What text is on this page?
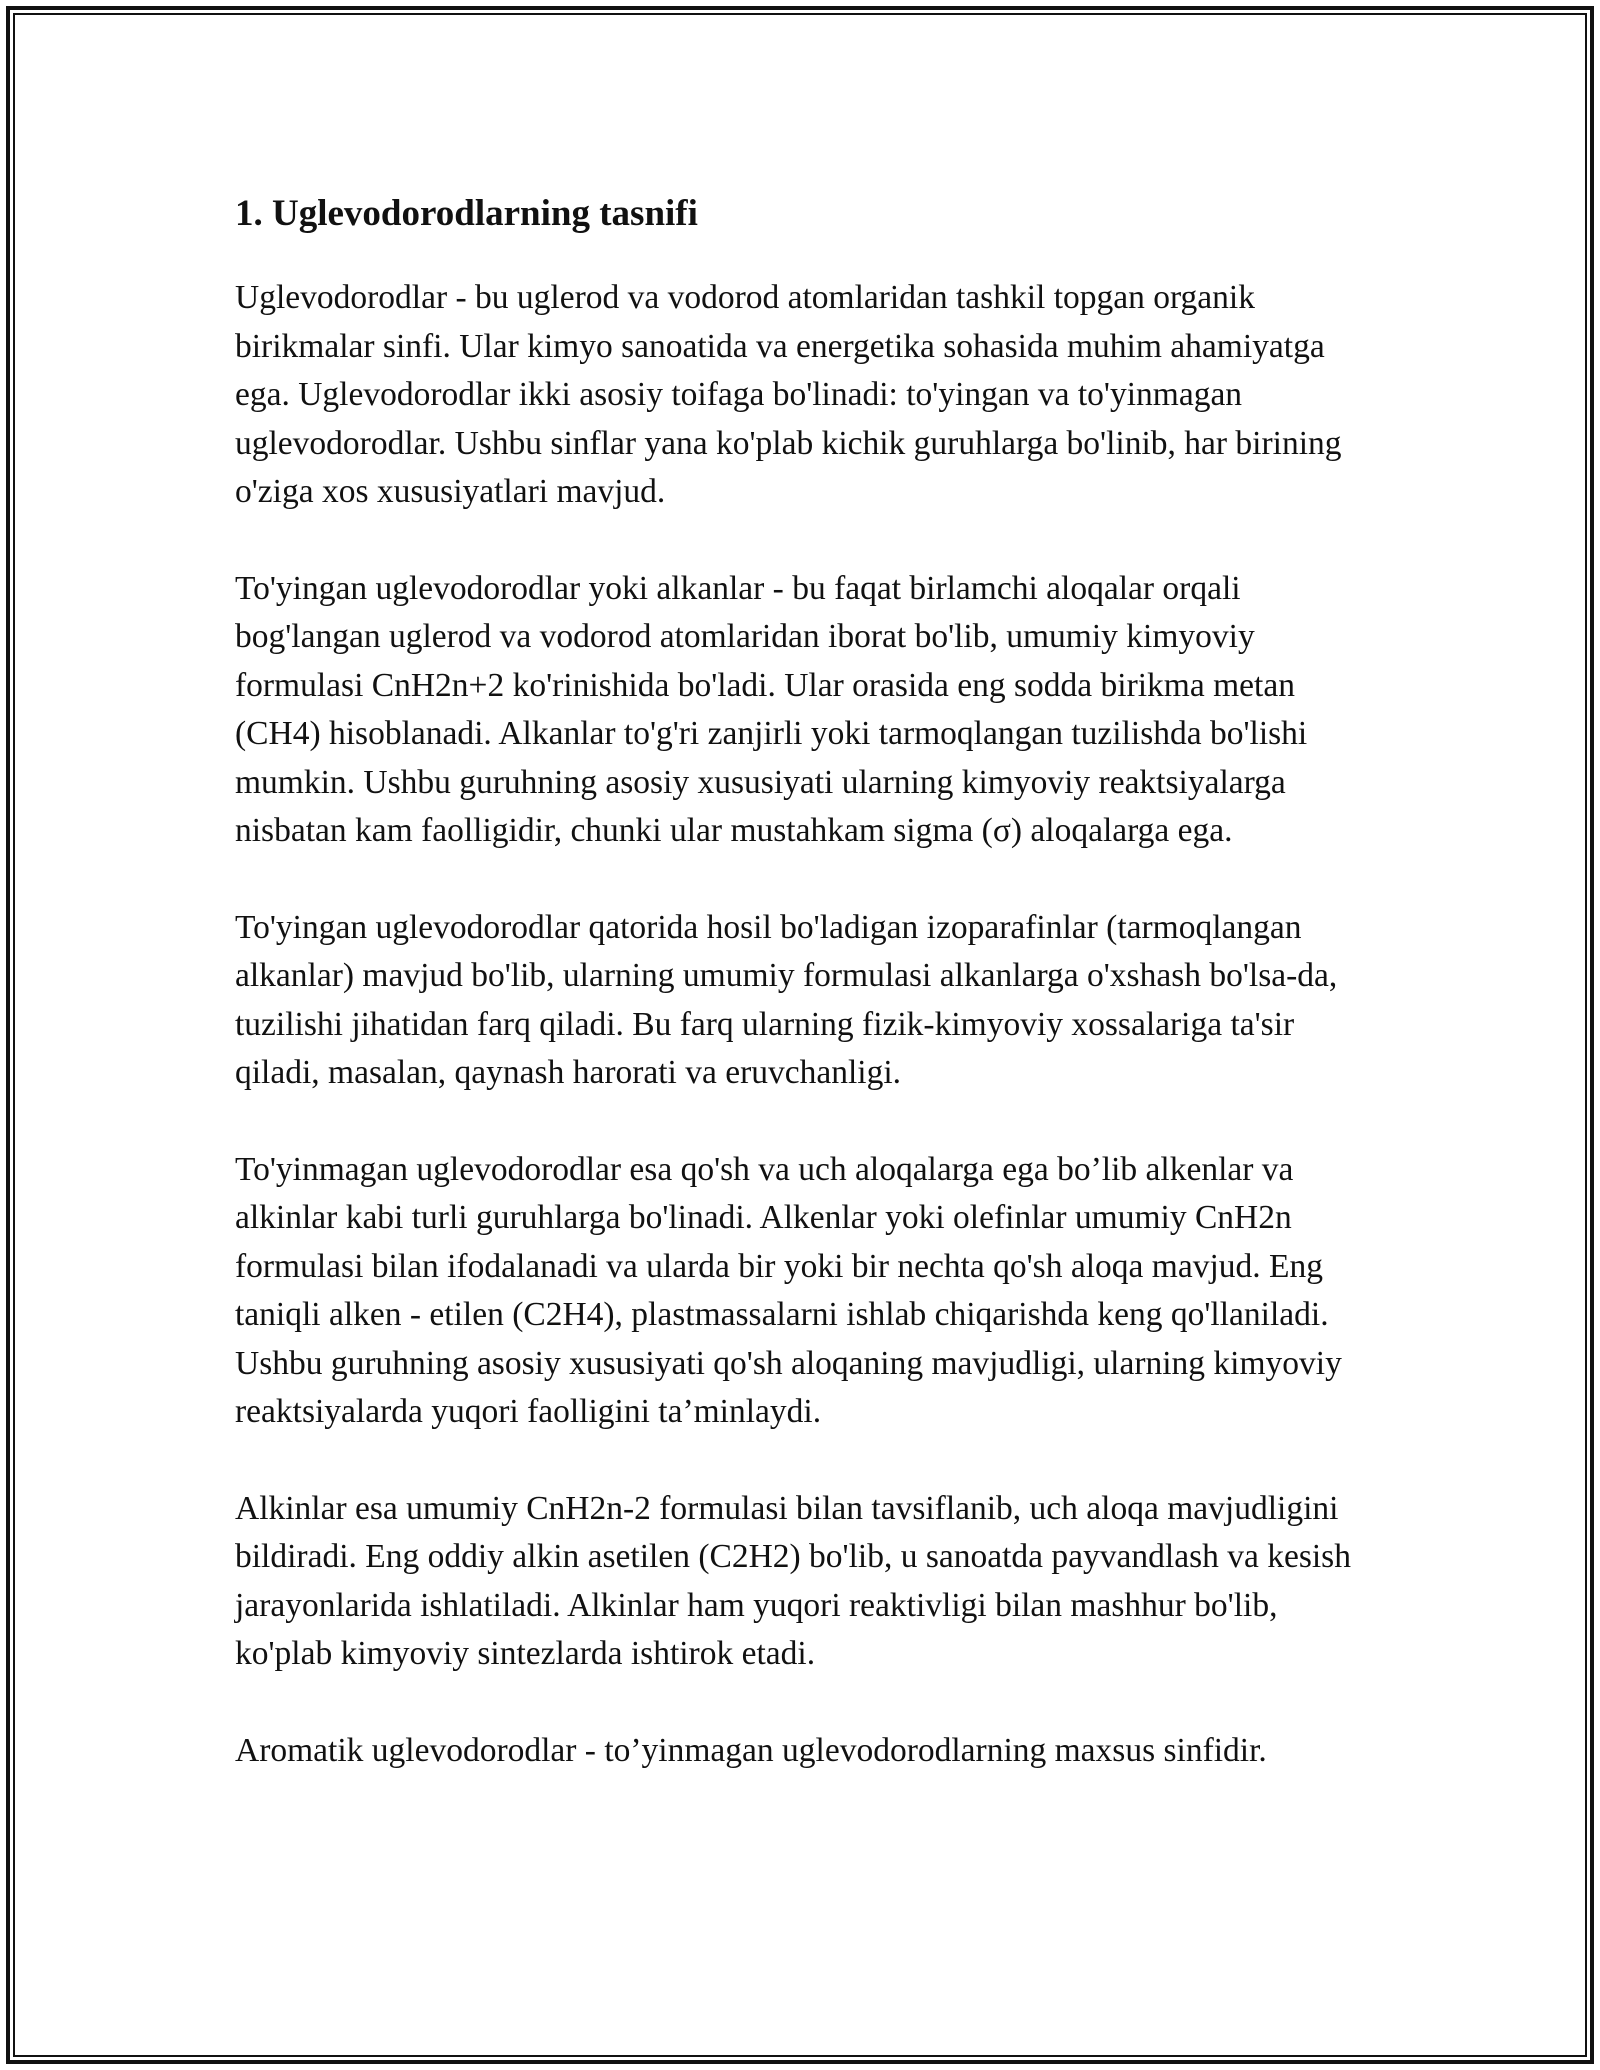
1. Uglevodorodlarning tasnifi

Uglevodorodlar - bu uglerod va vodorod atomlaridan tashkil topgan organik birikmalar sinfi. Ular kimyo sanoatida va energetika sohasida muhim ahamiyatga ega. Uglevodorodlar ikki asosiy toifaga bo'linadi: to'yingan va to'yinmagan uglevodorodlar. Ushbu sinflar yana ko'plab kichik guruhlarga bo'linib, har birining o'ziga xos xususiyatlari mavjud.

To'yingan uglevodorodlar yoki alkanlar - bu faqat birlamchi aloqalar orqali bog'langan uglerod va vodorod atomlaridan iborat bo'lib, umumiy kimyoviy formulasi CnH2n+2 ko'rinishida bo'ladi. Ular orasida eng sodda birikma metan (CH4) hisoblanadi. Alkanlar to'g'ri zanjirli yoki tarmoqlangan tuzilishda bo'lishi mumkin. Ushbu guruhning asosiy xususiyati ularning kimyoviy reaktsiyalarga nisbatan kam faolligidir, chunki ular mustahkam sigma (σ) aloqalarga ega.

To'yingan uglevodorodlar qatorida hosil bo'ladigan izoparafinlar (tarmoqlangan alkanlar) mavjud bo'lib, ularning umumiy formulasi alkanlarga o'xshash bo'lsa-da, tuzilishi jihatidan farq qiladi. Bu farq ularning fizik-kimyoviy xossalariga ta'sir qiladi, masalan, qaynash harorati va eruvchanligi.

To'yinmagan uglevodorodlar esa qo'sh va uch aloqalarga ega bo’lib alkenlar va alkinlar kabi turli guruhlarga bo'linadi. Alkenlar yoki olefinlar umumiy CnH2n formulasi bilan ifodalanadi va ularda bir yoki bir nechta qo'sh aloqa mavjud. Eng taniqli alken - etilen (C2H4), plastmassalarni ishlab chiqarishda keng qo'llaniladi. Ushbu guruhning asosiy xususiyati qo'sh aloqaning mavjudligi, ularning kimyoviy reaktsiyalarda yuqori faolligini ta’minlaydi.

Alkinlar esa umumiy CnH2n-2 formulasi bilan tavsiflanib, uch aloqa mavjudligini bildiradi. Eng oddiy alkin asetilen (C2H2) bo'lib, u sanoatda payvandlash va kesish jarayonlarida ishlatiladi. Alkinlar ham yuqori reaktivligi bilan mashhur bo'lib, ko'plab kimyoviy sintezlarda ishtirok etadi.

Aromatik uglevodorodlar - to’yinmagan uglevodorodlarning maxsus sinfidir.
